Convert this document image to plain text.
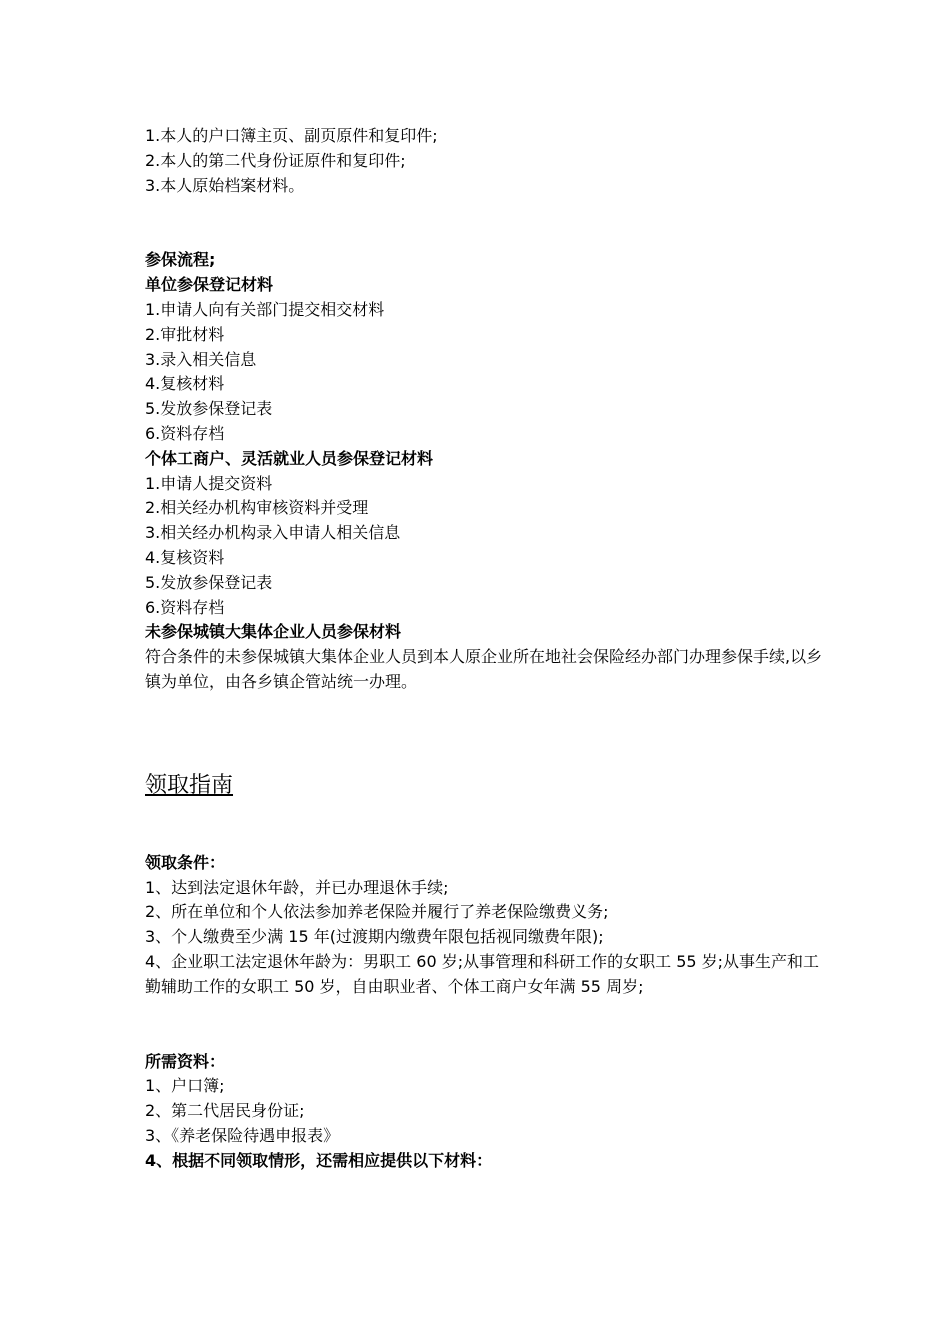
1.本人的户口簿主页、副页原件和复印件;

2.本人的第二代身份证原件和复印件;

3.本人原始档案材料。

参保流程;

单位参保登记材料

1.申请人向有关部门提交相交材料

2.审批材料

3.录入相关信息

4.复核材料

5.发放参保登记表

6.资料存档

个体工商户、灵活就业人员参保登记材料

1.申请人提交资料

2.相关经办机构审核资料并受理

3.相关经办机构录入申请人相关信息

4.复核资料

5.发放参保登记表

6.资料存档

未参保城镇大集体企业人员参保材料

符合条件的未参保城镇大集体企业人员到本人原企业所在地社会保险经办部门办理参保手续,以乡镇为单位，由各乡镇企管站统一办理。

领取指南

领取条件：

1、达到法定退休年龄，并已办理退休手续;

2、所在单位和个人依法参加养老保险并履行了养老保险缴费义务;

3、个人缴费至少满 15 年(过渡期内缴费年限包括视同缴费年限);

4、企业职工法定退休年龄为：男职工 60 岁;从事管理和科研工作的女职工 55 岁;从事生产和工勤辅助工作的女职工 50 岁，自由职业者、个体工商户女年满 55 周岁;

所需资料：

1、户口簿;

2、第二代居民身份证;

3、《养老保险待遇申报表》

4、根据不同领取情形，还需相应提供以下材料：
